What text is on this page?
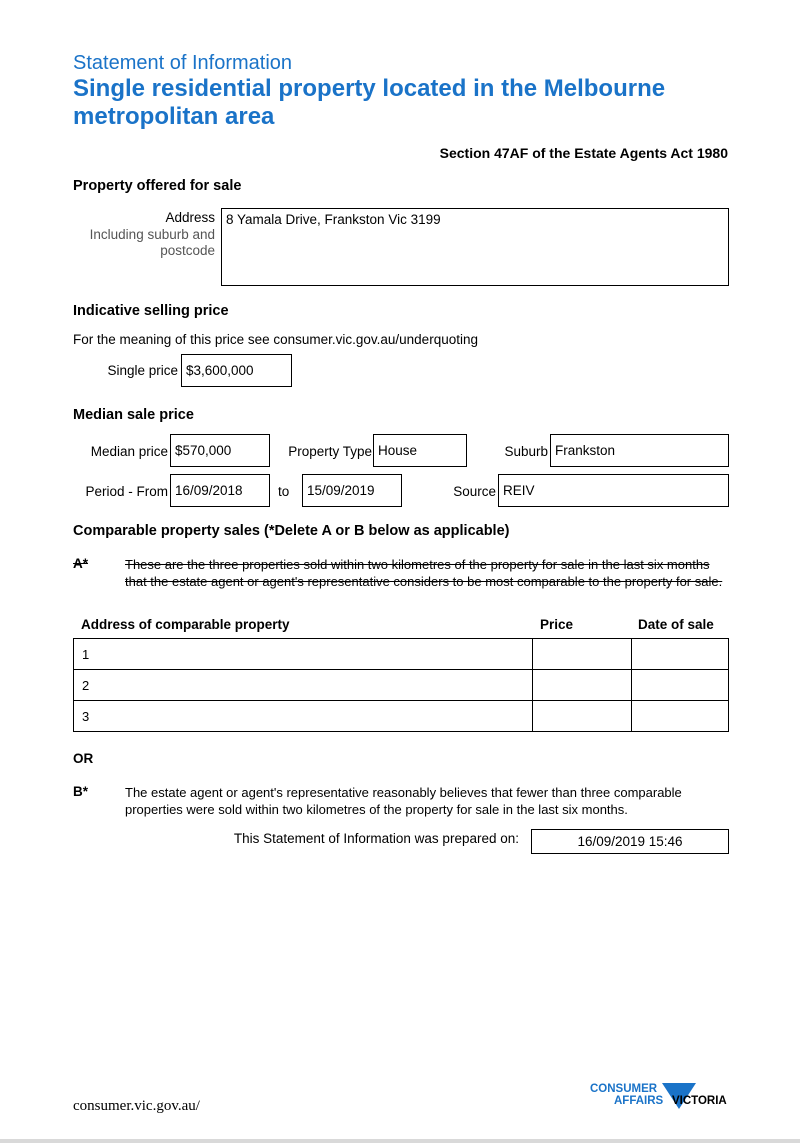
Statement of Information
Single residential property located in the Melbourne metropolitan area
Section 47AF of the Estate Agents Act 1980
Property offered for sale
Address
Including suburb and postcode
8 Yamala Drive, Frankston Vic 3199
Indicative selling price
For the meaning of this price see consumer.vic.gov.au/underquoting
Single price $3,600,000
Median sale price
Median price $570,000	Property Type House	Suburb Frankston
Period - From 16/09/2018	to	15/09/2019	Source REIV
Comparable property sales (*Delete A or B below as applicable)
A*	These are the three properties sold within two kilometres of the property for sale in the last six months that the estate agent or agent's representative considers to be most comparable to the property for sale.
Address of comparable property	Price	Date of sale
1		
2		
3		
OR
B*	The estate agent or agent's representative reasonably believes that fewer than three comparable properties were sold within two kilometres of the property for sale in the last six months.
This Statement of Information was prepared on:	16/09/2019 15:46
consumer.vic.gov.au/
CONSUMER
AFFAIRS VICTORIA
